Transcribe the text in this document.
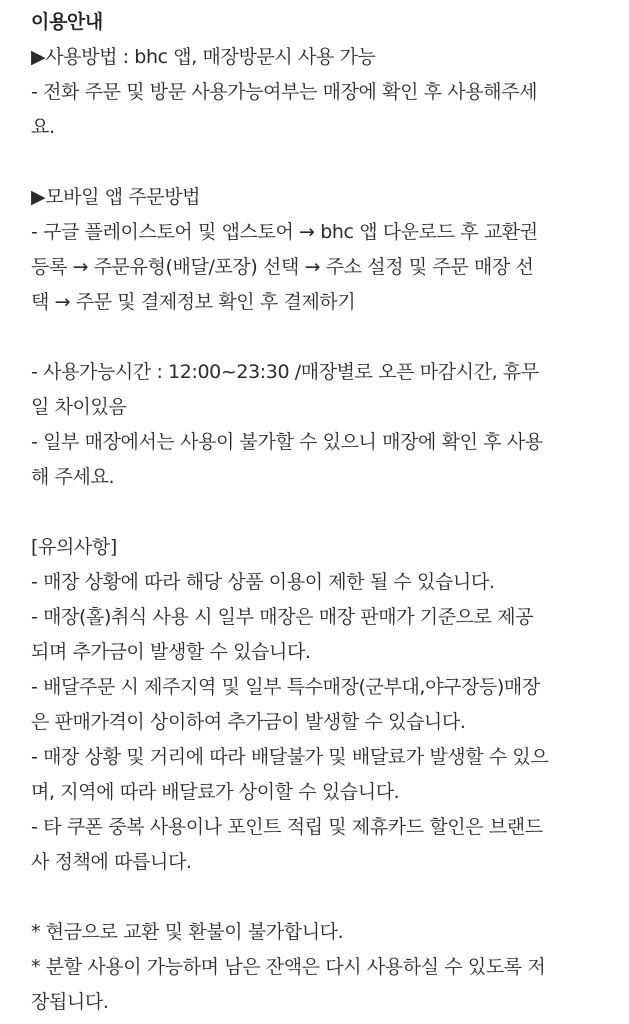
이용안내
▶사용방법 : bhc 앱, 매장방문시 사용 가능
- 전화 주문 및 방문 사용가능여부는 매장에 확인 후 사용해주세
요.
▶모바일 앱 주문방법
- 구글 플레이스토어 및 앱스토어 → bhc 앱 다운로드 후 교환권
등록 → 주문유형(배달/포장) 선택 → 주소 설정 및 주문 매장 선
택 → 주문 및 결제정보 확인 후 결제하기
- 사용가능시간 : 12:00~23:30 /매장별로 오픈 마감시간, 휴무
일 차이있음
- 일부 매장에서는 사용이 불가할 수 있으니 매장에 확인 후 사용
해 주세요.
[유의사항]
- 매장 상황에 따라 해당 상품 이용이 제한 될 수 있습니다.
- 매장(홀)취식 사용 시 일부 매장은 매장 판매가 기준으로 제공
되며 추가금이 발생할 수 있습니다.
- 배달주문 시 제주지역 및 일부 특수매장(군부대,야구장등)매장
은 판매가격이 상이하여 추가금이 발생할 수 있습니다.
- 매장 상황 및 거리에 따라 배달불가 및 배달료가 발생할 수 있으
며, 지역에 따라 배달료가 상이할 수 있습니다.
- 타 쿠폰 중복 사용이나 포인트 적립 및 제휴카드 할인은 브랜드
사 정책에 따릅니다.
* 현금으로 교환 및 환불이 불가합니다.
* 분할 사용이 가능하며 남은 잔액은 다시 사용하실 수 있도록 저
장됩니다.
